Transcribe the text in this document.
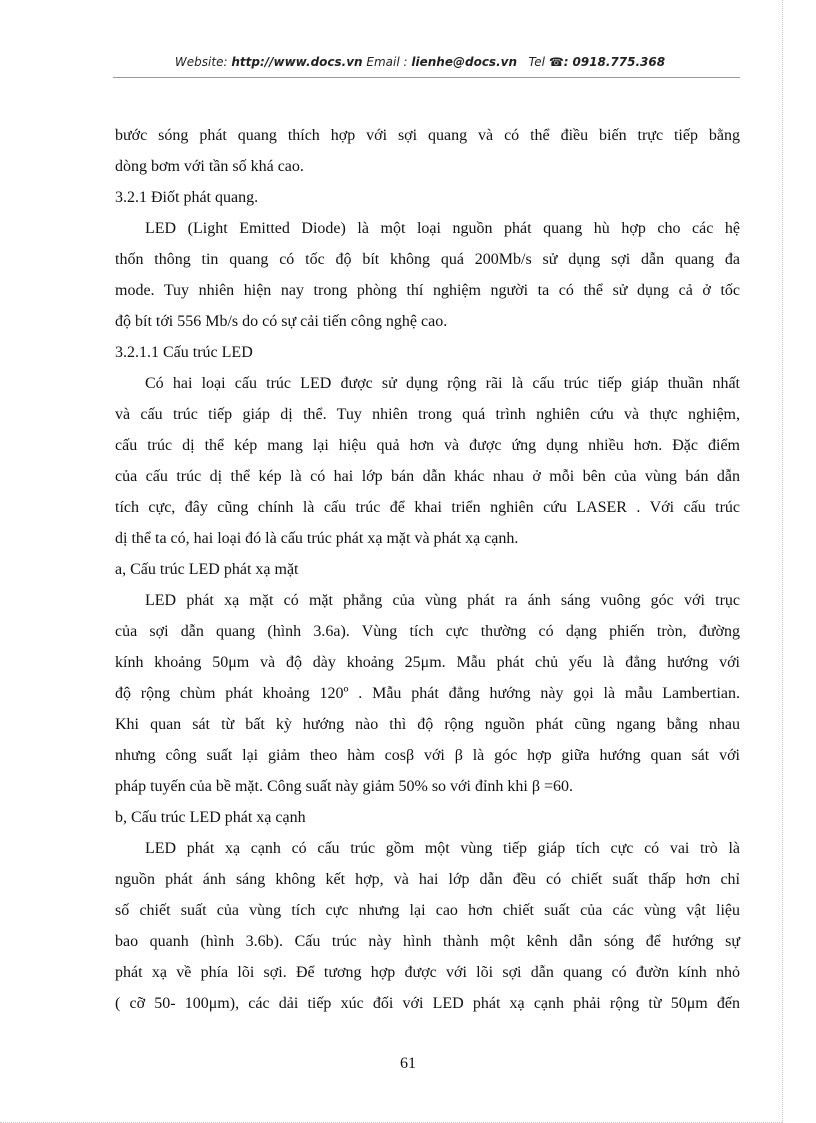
Website: http://www.docs.vn Email : lienhe@docs.vn Tel ☎: 0918.775.368
bước sóng phát quang thích hợp với sợi quang và có thể điều biến trực tiếp bằng
dòng bơm với tần số khá cao.
3.2.1 Điốt phát quang.
LED (Light Emitted Diode) là một loại nguồn phát quang hù hợp cho các hệ
thốn thông tin quang có tốc độ bít không quá 200Mb/s sử dụng sợi dẫn quang đa
mode. Tuy nhiên hiện nay trong phòng thí nghiệm người ta có thể sử dụng cả ở tốc
độ bít tới 556 Mb/s do có sự cải tiến công nghệ cao.
3.2.1.1 Cấu trúc LED
Có hai loại cấu trúc LED được sử dụng rộng rãi là cấu trúc tiếp giáp thuần nhất
và cấu trúc tiếp giáp dị thể. Tuy nhiên trong quá trình nghiên cứu và thực nghiệm,
cấu trúc dị thể kép mang lại hiệu quả hơn và được ứng dụng nhiều hơn. Đặc điểm
của cấu trúc dị thể kép là có hai lớp bán dẫn khác nhau ở mỗi bên của vùng bán dẫn
tích cực, đây cũng chính là cấu trúc để khai triển nghiên cứu LASER . Với cấu trúc
dị thể ta có, hai loại đó là cấu trúc phát xạ mặt và phát xạ cạnh.
a, Cấu trúc LED phát xạ mặt
LED phát xạ mặt có mặt phẳng của vùng phát ra ánh sáng vuông góc với trục
của sợi dẫn quang (hình 3.6a). Vùng tích cực thường có dạng phiến tròn, đường
kính khoảng 50μm và độ dày khoảng 25μm. Mẫu phát chủ yếu là đẳng hướng với
độ rộng chùm phát khoảng 120º . Mẫu phát đẳng hướng này gọi là mẫu Lambertian.
Khi quan sát từ bất kỳ hướng nào thì độ rộng nguồn phát cũng ngang bằng nhau
nhưng công suất lại giảm theo hàm cosβ với β là góc hợp giữa hướng quan sát với
pháp tuyến của bề mặt. Công suất này giảm 50% so với đỉnh khi β =60.
b, Cấu trúc LED phát xạ cạnh
LED phát xạ cạnh có cấu trúc gồm một vùng tiếp giáp tích cực có vai trò là
nguồn phát ánh sáng không kết hợp, và hai lớp dẫn đều có chiết suất thấp hơn chỉ
số chiết suất của vùng tích cực nhưng lại cao hơn chiết suất của các vùng vật liệu
bao quanh (hình 3.6b). Cấu trúc này hình thành một kênh dẫn sóng để hướng sự
phát xạ về phía lõi sợi. Để tương hợp được với lõi sợi dẫn quang có đườn kính nhỏ
( cỡ 50- 100μm), các dải tiếp xúc đối với LED phát xạ cạnh phải rộng từ 50μm đến
61
